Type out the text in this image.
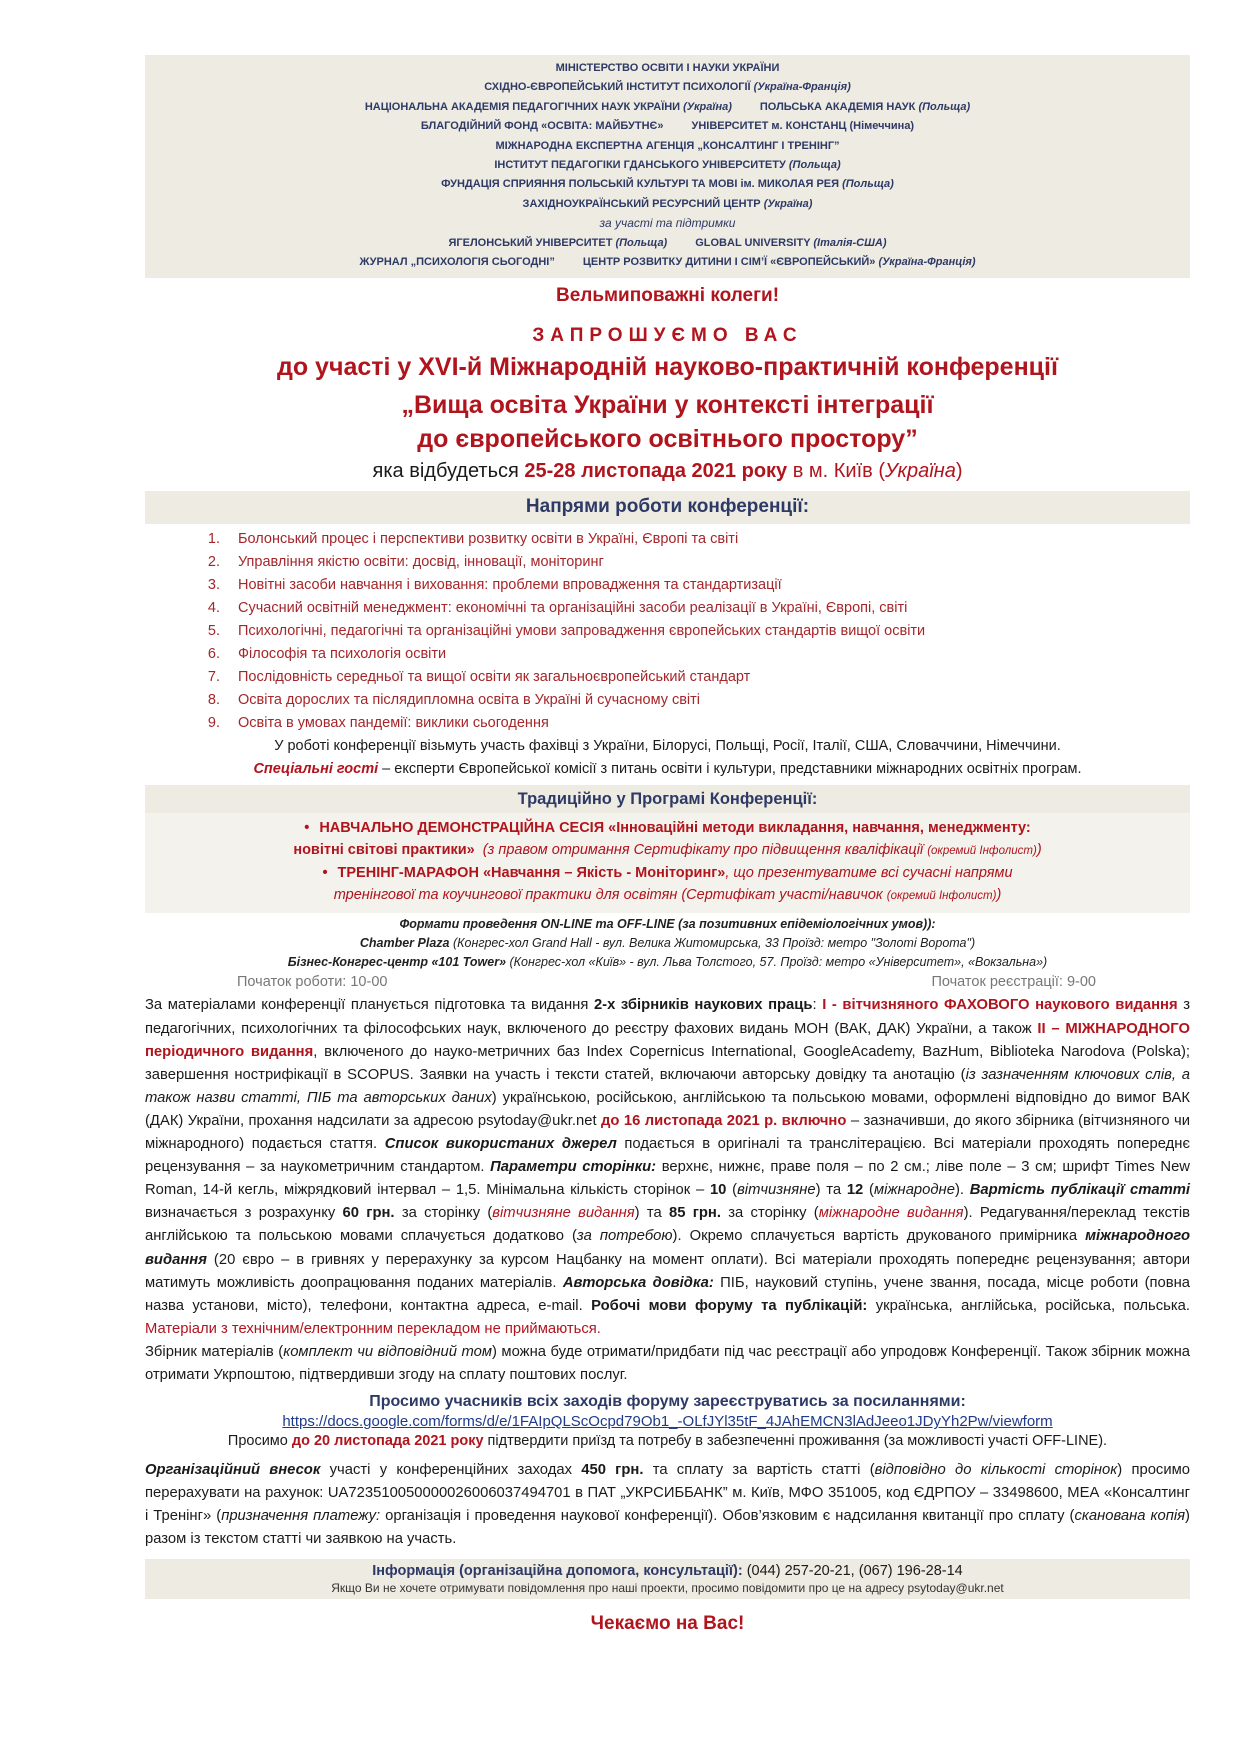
МІНІСТЕРСТВО ОСВІТИ І НАУКИ УКРАЇНИ
СХІДНО-ЄВРОПЕЙСЬКИЙ ІНСТИТУТ ПСИХОЛОГІЇ (Україна-Франція)
НАЦІОНАЛЬНА АКАДЕМІЯ ПЕДАГОГІЧНИХ НАУК УКРАЇНИ (Україна)	ПОЛЬСЬКА АКАДЕМІЯ НАУК (Польща)
БЛАГОДІЙНИЙ ФОНД «ОСВІТА: МАЙБУТНЄ»	УНІВЕРСИТЕТ м. КОНСТАНЦ (Німеччина)
МІЖНАРОДНА ЕКСПЕРТНА АГЕНЦІЯ „КОНСАЛТИНГ І ТРЕНІНГ”
ІНСТИТУТ ПЕДАГОГІКИ ГДАНСЬКОГО УНІВЕРСИТЕТУ (Польща)
ФУНДАЦІЯ СПРИЯННЯ ПОЛЬСЬКІЙ КУЛЬТУРІ ТА МОВІ ім. МИКОЛАЯ РЕЯ (Польща)
ЗАХІДНОУКРАЇНСЬКИЙ РЕСУРСНИЙ ЦЕНТР (Україна)
за участі та підтримки
ЯГЕЛОНСЬКИЙ УНІВЕРСИТЕТ (Польща)	GLOBAL UNIVERSITY (Італія-США)
ЖУРНАЛ „ПСИХОЛОГІЯ СЬОГОДНІ”	ЦЕНТР РОЗВИТКУ ДИТИНИ І СІМ’Ї «ЄВРОПЕЙСЬКИЙ» (Україна-Франція)
Вельмиповажні колеги!
ЗАПРОШУЄМО ВАС
до участі у XVI-й Міжнародній науково-практичній конференції
„Вища освіта України у контексті інтеграції
до європейського освітнього простору”
яка відбудеться 25-28 листопада 2021 року в м. Київ (Україна)
Напрями роботи конференції:
1. Болонський процес і перспективи розвитку освіти в Україні, Європі та світі
2. Управління якістю освіти: досвід, інновації, моніторинг
3. Новітні засоби навчання і виховання: проблеми впровадження та стандартизації
4. Сучасний освітній менеджмент: економічні та організаційні засоби реалізації в Україні, Європі, світі
5. Психологічні, педагогічні та організаційні умови запровадження європейських стандартів вищої освіти
6. Філософія та психологія освіти
7. Послідовність середньої та вищої освіти як загальноєвропейський стандарт
8. Освіта дорослих та післядипломна освіта в Україні й сучасному світі
9. Освіта в умовах пандемії: виклики сьогодення
У роботі конференції візьмуть участь фахівці з України, Білорусі, Польщі, Росії, Італії, США, Словаччини, Німеччини.
Спеціальні гості – експерти Європейської комісії з питань освіти і культури, представники міжнародних освітніх програм.
Традиційно у Програмі Конференції:
• НАВЧАЛЬНО ДЕМОНСТРАЦІЙНА СЕСІЯ «Інноваційні методи викладання, навчання, менеджменту:
новітні світові практики» (з правом отримання Сертифікату про підвищення кваліфікації (окремий Інфолист))
• ТРЕНІНГ-МАРАФОН «Навчання – Якість - Моніторинг», що презентуватиме всі сучасні напрями
тренінгової та коучингової практики для освітян (Сертифікат участі/навичок (окремий Інфолист))
Формати проведення ON-LINE та OFF-LINE (за позитивних епідеміологічних умов)):
Chamber Plaza (Конгрес-хол Grand Hall - вул. Велика Житомирська, 33 Проїзд: метро "Золоті Ворота")
Бізнес-Конгрес-центр «101 Tower» (Конгрес-хол «Київ» - вул. Льва Толстого, 57. Проїзд: метро «Університет», «Вокзальна»)
Початок роботи: 10-00	Початок реєстрації: 9-00
За матеріалами конференції планується підготовка та видання 2-х збірників наукових праць: І - вітчизняного ФАХОВОГО наукового видання з педагогічних, психологічних та філософських наук, включеного до реєстру фахових видань МОН (ВАК, ДАК) України, а також ІІ – МІЖНАРОДНОГО періодичного видання, включеного до науко-метричних баз Index Copernicus International, GoogleAcademy, BazHum, Biblioteka Narodova (Polska); завершення нострифікації в SCOPUS. Заявки на участь і тексти статей, включаючи авторську довідку та анотацію (із зазначенням ключових слів, а також назви статті, ПІБ та авторських даних) українською, російською, англійською та польською мовами, оформлені відповідно до вимог ВАК (ДАК) України, прохання надсилати за адресою psytoday@ukr.net до 16 листопада 2021 р. включно – зазначивши, до якого збірника (вітчизняного чи міжнародного) подається стаття. Список використаних джерел подається в оригіналі та транслітерацією. Всі матеріали проходять попереднє рецензування – за наукометричним стандартом. Параметри сторінки: верхнє, нижнє, праве поля – по 2 см.; ліве поле – 3 см; шрифт Times New Roman, 14-й кегль, міжрядковий інтервал – 1,5. Мінімальна кількість сторінок – 10 (вітчизняне) та 12 (міжнародне). Вартість публікації статті визначається з розрахунку 60 грн. за сторінку (вітчизняне видання) та 85 грн. за сторінку (міжнародне видання). Редагування/переклад текстів англійською та польською мовами сплачується додатково (за потребою). Окремо сплачується вартість друкованого примірника міжнародного видання (20 євро – в гривнях у перерахунку за курсом Нацбанку на момент оплати). Всі матеріали проходять попереднє рецензування; автори матимуть можливість доопрацювання поданих матеріалів. Авторська довідка: ПІБ, науковий ступінь, учене звання, посада, місце роботи (повна назва установи, місто), телефони, контактна адреса, e-mail. Робочі мови форуму та публікацій: українська, англійська, російська, польська. Матеріали з технічним/електронним перекладом не приймаються.
Збірник матеріалів (комплект чи відповідний том) можна буде отримати/придбати під час реєстрації або упродовж Конференції. Також збірник можна отримати Укрпоштою, підтвердивши згоду на сплату поштових послуг.
Просимо учасників всіх заходів форуму зареєструватись за посиланнями:
https://docs.google.com/forms/d/e/1FAIpQLScOcpd79Ob1_-OLfJYl35tF_4JAhEMCN3lAdJeeo1JDyYh2Pw/viewform
Просимо до 20 листопада 2021 року підтвердити приїзд та потребу в забезпеченні проживання (за можливості участі OFF-LINE).
Організаційний внесок участі у конференційних заходах 450 грн. та сплату за вартість статті (відповідно до кількості сторінок) просимо перерахувати на рахунок: UA723510050000026006037494701 в ПАТ „УКРСИББАНК” м. Київ, МФО 351005, код ЄДРПОУ – 33498600, МЕА «Консалтинг і Тренінг» (призначення платежу: організація і проведення наукової конференції). Обов’язковим є надсилання квитанції про сплату (сканована копія) разом із текстом статті чи заявкою на участь.
Інформація (організаційна допомога, консультації): (044) 257-20-21, (067) 196-28-14
Якщо Ви не хочете отримувати повідомлення про наші проекти, просимо повідомити про це на адресу psytoday@ukr.net
Чекаємо на Вас!
